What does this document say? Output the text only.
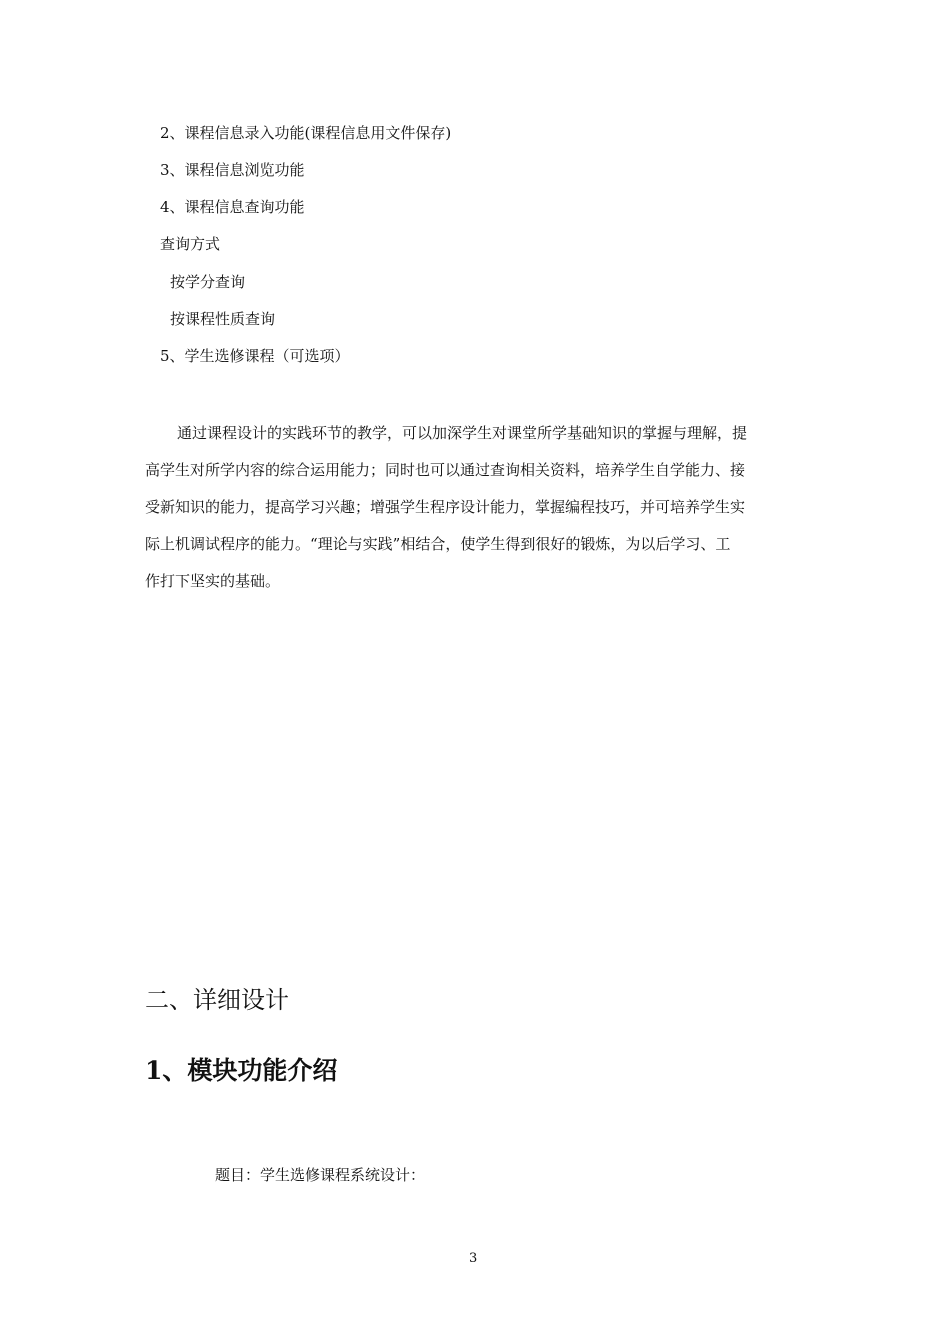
2、课程信息录入功能(课程信息用文件保存)
3、课程信息浏览功能
4、课程信息查询功能
查询方式
按学分查询
按课程性质查询
5、学生选修课程（可选项）
通过课程设计的实践环节的教学，可以加深学生对课堂所学基础知识的掌握与理解，提
高学生对所学内容的综合运用能力；同时也可以通过查询相关资料，培养学生自学能力、接
受新知识的能力，提高学习兴趣；增强学生程序设计能力，掌握编程技巧，并可培养学生实
际上机调试程序的能力。“理论与实践”相结合，使学生得到很好的锻炼，为以后学习、工
作打下坚实的基础。
二、详细设计
1、模块功能介绍
题目：学生选修课程系统设计：
3
